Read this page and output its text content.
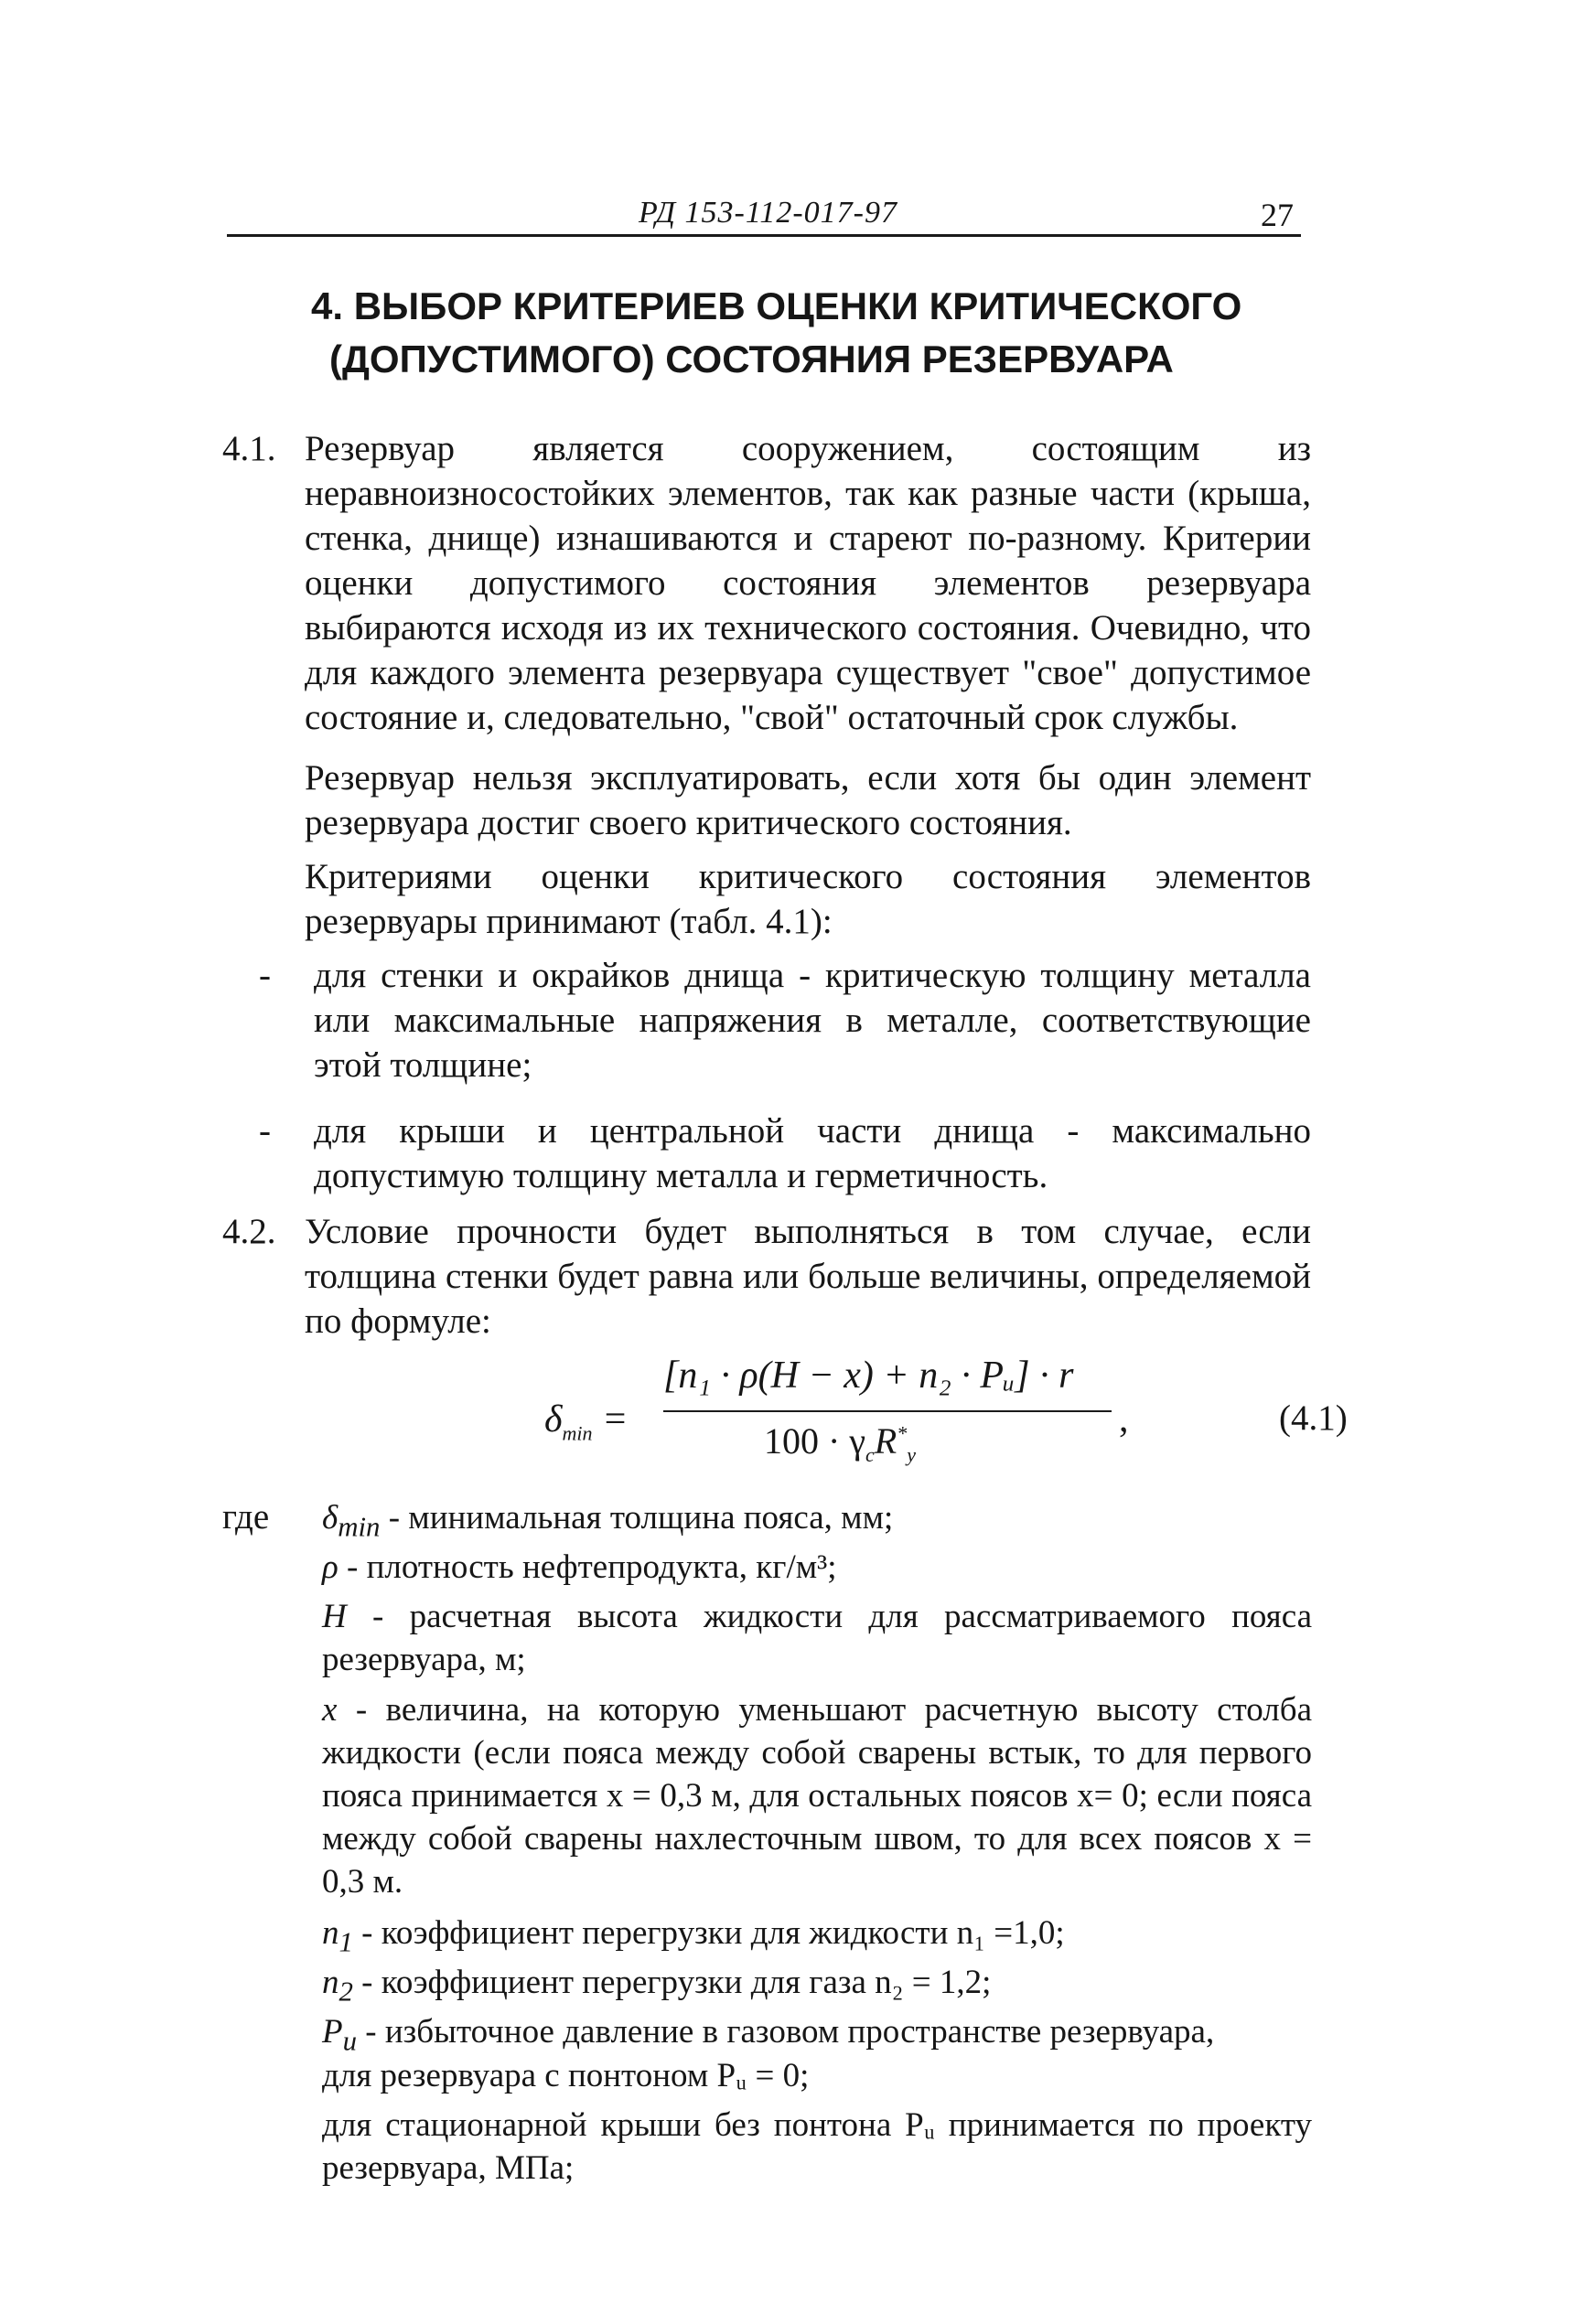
РД 153-112-017-97	27
4. ВЫБОР КРИТЕРИЕВ ОЦЕНКИ КРИТИЧЕСКОГО
(ДОПУСТИМОГО) СОСТОЯНИЯ РЕЗЕРВУАРА
4.1. Резервуар является сооружением, состоящим из неравноизносостойких элементов, так как разные части (крыша, стенка, днище) изнашиваются и стареют по-разному. Критерии оценки допустимого состояния элементов резервуара выбираются исходя из их технического состояния. Очевидно, что для каждого элемента резервуара существует "свое" допустимое состояние и, следовательно, "свой" остаточный срок службы.
Резервуар нельзя эксплуатировать, если хотя бы один элемент резервуара достиг своего критического состояния.
Критериями оценки критического состояния элементов резервуары принимают (табл. 4.1):
- для стенки и окрайков днища - критическую толщину металла или максимальные напряжения в металле, соответствующие этой толщине;
- для крыши и центральной части днища - максимально допустимую толщину металла и герметичность.
4.2. Условие прочности будет выполняться в том случае, если толщина стенки будет равна или больше величины, определяемой по формуле:
$\delta_{min}$ =
[n₁ · ρ(H − x) + n₂ · Pᵤ] · r
$100 \cdot \gamma_cR^*_y$
,	(4.1)
где $\delta_{min}$ - минимальная толщина пояса, мм;
ρ - плотность нефтепродукта, кг/м³;
H - расчетная высота жидкости для рассматриваемого пояса резервуара, м;
x - величина, на которую уменьшают расчетную высоту столба жидкости (если пояса между собой сварены встык, то для первого пояса принимается x = 0,3 м, для остальных поясов x= 0; если пояса между собой сварены нахлесточным швом, то для всех поясов x = 0,3 м.
$n_1$ - коэффициент перегрузки для жидкости n₁ =1,0;
$n_2$ - коэффициент перегрузки для газа n₂ = 1,2;
$P_и$ - избыточное давление в газовом пространстве резервуара,
для резервуара с понтоном Pᵤ = 0;
для стационарной крыши без понтона Pᵤ принимается по проекту резервуара, МПа;
